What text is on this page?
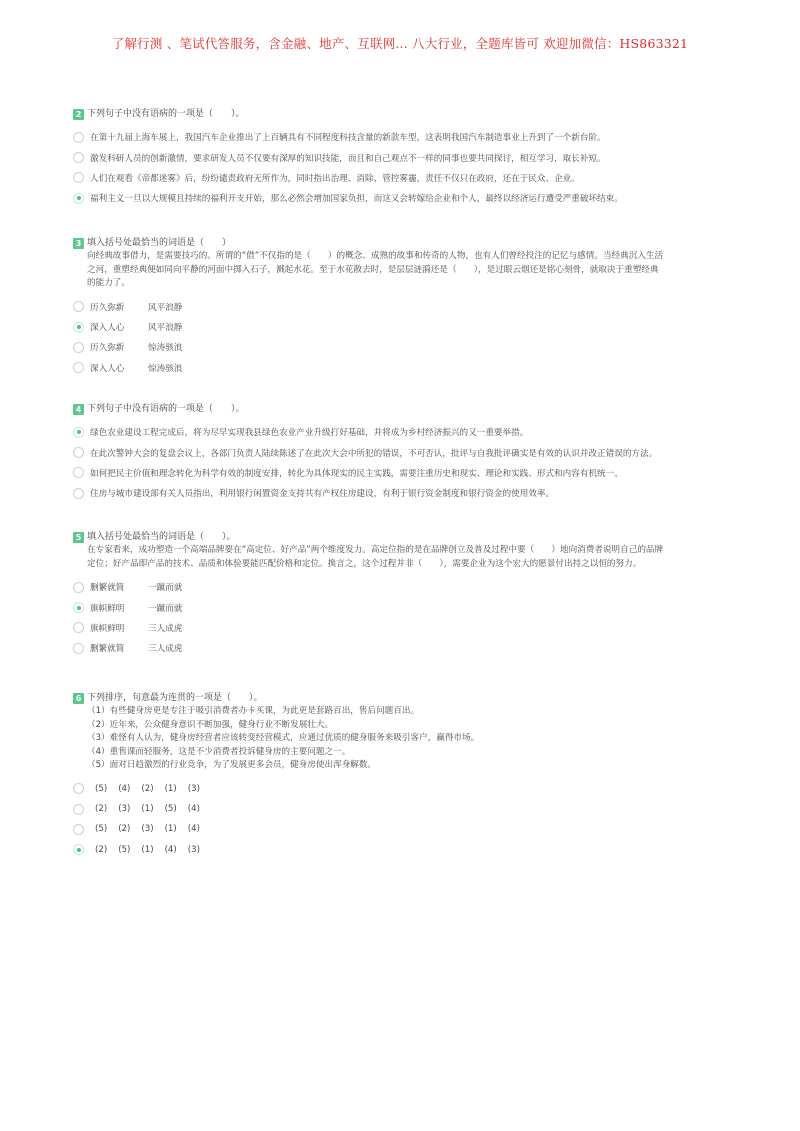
了解行测 、笔试代答服务，含金融、地产、互联网... 八大行业，全题库皆可 欢迎加微信：HS863321
2 下列句子中没有语病的一项是（　　）。
在第十九届上海车展上，我国汽车企业推出了上百辆具有不同程度科技含量的新款车型，这表明我国汽车制造事业上升到了一个新台阶。
激发科研人员的创新激情，要求研发人员不仅要有深厚的知识技能，而且和自己观点不一样的同事也要共同探讨，相互学习，取长补短。
人们在观看《帝都迷雾》后，纷纷谴责政府无所作为，同时指出治理、消除、管控雾霾，责任不仅只在政府，还在于民众、企业。
福利主义一旦以大规模且持续的福利开支开始，那么必然会增加国家负担，而这又会转嫁给企业和个人，最终以经济运行遭受严重破坏结束。
3 填入括号处最恰当的词语是（　　）

向经典故事借力，是需要技巧的。所谓的“借”不仅指的是（　　）的概念、成熟的故事和传奇的人物，也有人们曾经投注的记忆与感情。当经典沉入生活

之河，重塑经典便如同向平静的河面中掷入石子，溅起水花。至于水花散去时，是层层涟漪还是（　　），是过眼云烟还是铭心刻骨，就取决于重塑经典

的能力了。

历久弥新	风平浪静
深入人心	风平浪静
历久弥新	惊涛骇浪
深入人心	惊涛骇浪
4 下列句子中没有语病的一项是（　　）。
绿色农业建设工程完成后，将为尽早实现我县绿色农业产业升级打好基础，并将成为乡村经济振兴的又一重要举措。
在此次警钟大会的复盘会议上，各部门负责人陆续陈述了在此次大会中所犯的错误，不可否认，批评与自我批评确实是有效的认识并改正错误的方法。
如何把民主价值和理念转化为科学有效的制度安排，转化为具体现实的民主实践，需要注重历史和现实、理论和实践、形式和内容有机统一。
住房与城市建设部有关人员指出，利用银行闲置资金支持共有产权住房建设，有利于银行资金制度和银行资金的使用效率。
5 填入括号处最恰当的词语是（　　）。

在专家看来，成功塑造一个高端品牌要在“高定位、好产品”两个维度发力。高定位指的是在品牌创立及普及过程中要（　　）地向消费者说明自己的品牌

定位；好产品即产品的技术、品质和体验要能匹配价格和定位。换言之，这个过程并非（　　），需要企业为这个宏大的愿景付出持之以恒的努力。

删繁就简	一蹴而就
旗帜鲜明	一蹴而就
旗帜鲜明	三人成虎
删繁就简	三人成虎
6 下列排序，句意最为连贯的一项是（　　）。

（1）有些健身房更是专注于吸引消费者办卡买课，为此更是套路百出，售后问题百出。

（2）近年来，公众健身意识不断加强，健身行业不断发展壮大。

（3）难怪有人认为，健身房经营者应该转变经营模式，应通过优质的健身服务来吸引客户，赢得市场。

（4）重售课而轻服务，这是不少消费者投诉健身房的主要问题之一。

（5）面对日趋激烈的行业竞争，为了发展更多会员，健身房使出浑身解数。

(5) (4) (2) (1) (3)
(2) (3) (1) (5) (4)
(5) (2) (3) (1) (4)
(2) (5) (1) (4) (3)
